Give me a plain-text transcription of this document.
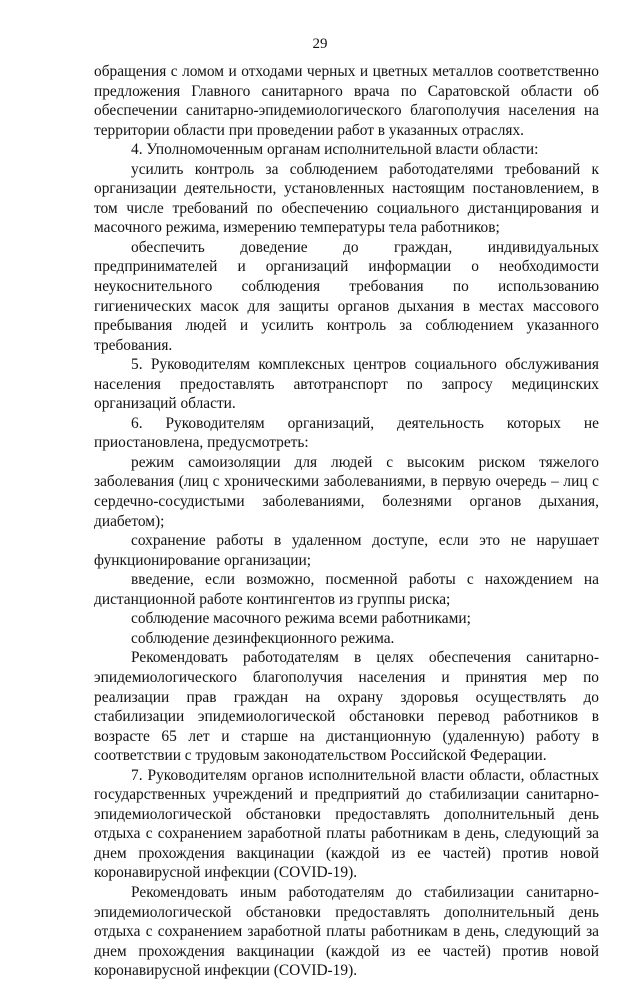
29

обращения с ломом и отходами черных и цветных металлов соответственно предложения Главного санитарного врача по Саратовской области об обеспечении санитарно-эпидемиологического благополучия населения на территории области при проведении работ в указанных отраслях.

4. Уполномоченным органам исполнительной власти области:

усилить контроль за соблюдением работодателями требований к организации деятельности, установленных настоящим постановлением, в том числе требований по обеспечению социального дистанцирования и масочного режима, измерению температуры тела работников;

обеспечить доведение до граждан, индивидуальных предпринимателей и организаций информации о необходимости неукоснительного соблюдения требования по использованию гигиенических масок для защиты органов дыхания в местах массового пребывания людей и усилить контроль за соблюдением указанного требования.

5. Руководителям комплексных центров социального обслуживания населения предоставлять автотранспорт по запросу медицинских организаций области.

6. Руководителям организаций, деятельность которых не приостановлена, предусмотреть:

режим самоизоляции для людей с высоким риском тяжелого заболевания (лиц с хроническими заболеваниями, в первую очередь – лиц с сердечно-сосудистыми заболеваниями, болезнями органов дыхания, диабетом);

сохранение работы в удаленном доступе, если это не нарушает функционирование организации;

введение, если возможно, посменной работы с нахождением на дистанционной работе контингентов из группы риска;

соблюдение масочного режима всеми работниками;

соблюдение дезинфекционного режима.

Рекомендовать работодателям в целях обеспечения санитарно-эпидемиологического благополучия населения и принятия мер по реализации прав граждан на охрану здоровья осуществлять до стабилизации эпидемиологической обстановки перевод работников в возрасте 65 лет и старше на дистанционную (удаленную) работу в соответствии с трудовым законодательством Российской Федерации.

7. Руководителям органов исполнительной власти области, областных государственных учреждений и предприятий до стабилизации санитарно-эпидемиологической обстановки предоставлять дополнительный день отдыха с сохранением заработной платы работникам в день, следующий за днем прохождения вакцинации (каждой из ее частей) против новой коронавирусной инфекции (COVID-19).

Рекомендовать иным работодателям до стабилизации санитарно-эпидемиологической обстановки предоставлять дополнительный день отдыха с сохранением заработной платы работникам в день, следующий за днем прохождения вакцинации (каждой из ее частей) против новой коронавирусной инфекции (COVID-19).
